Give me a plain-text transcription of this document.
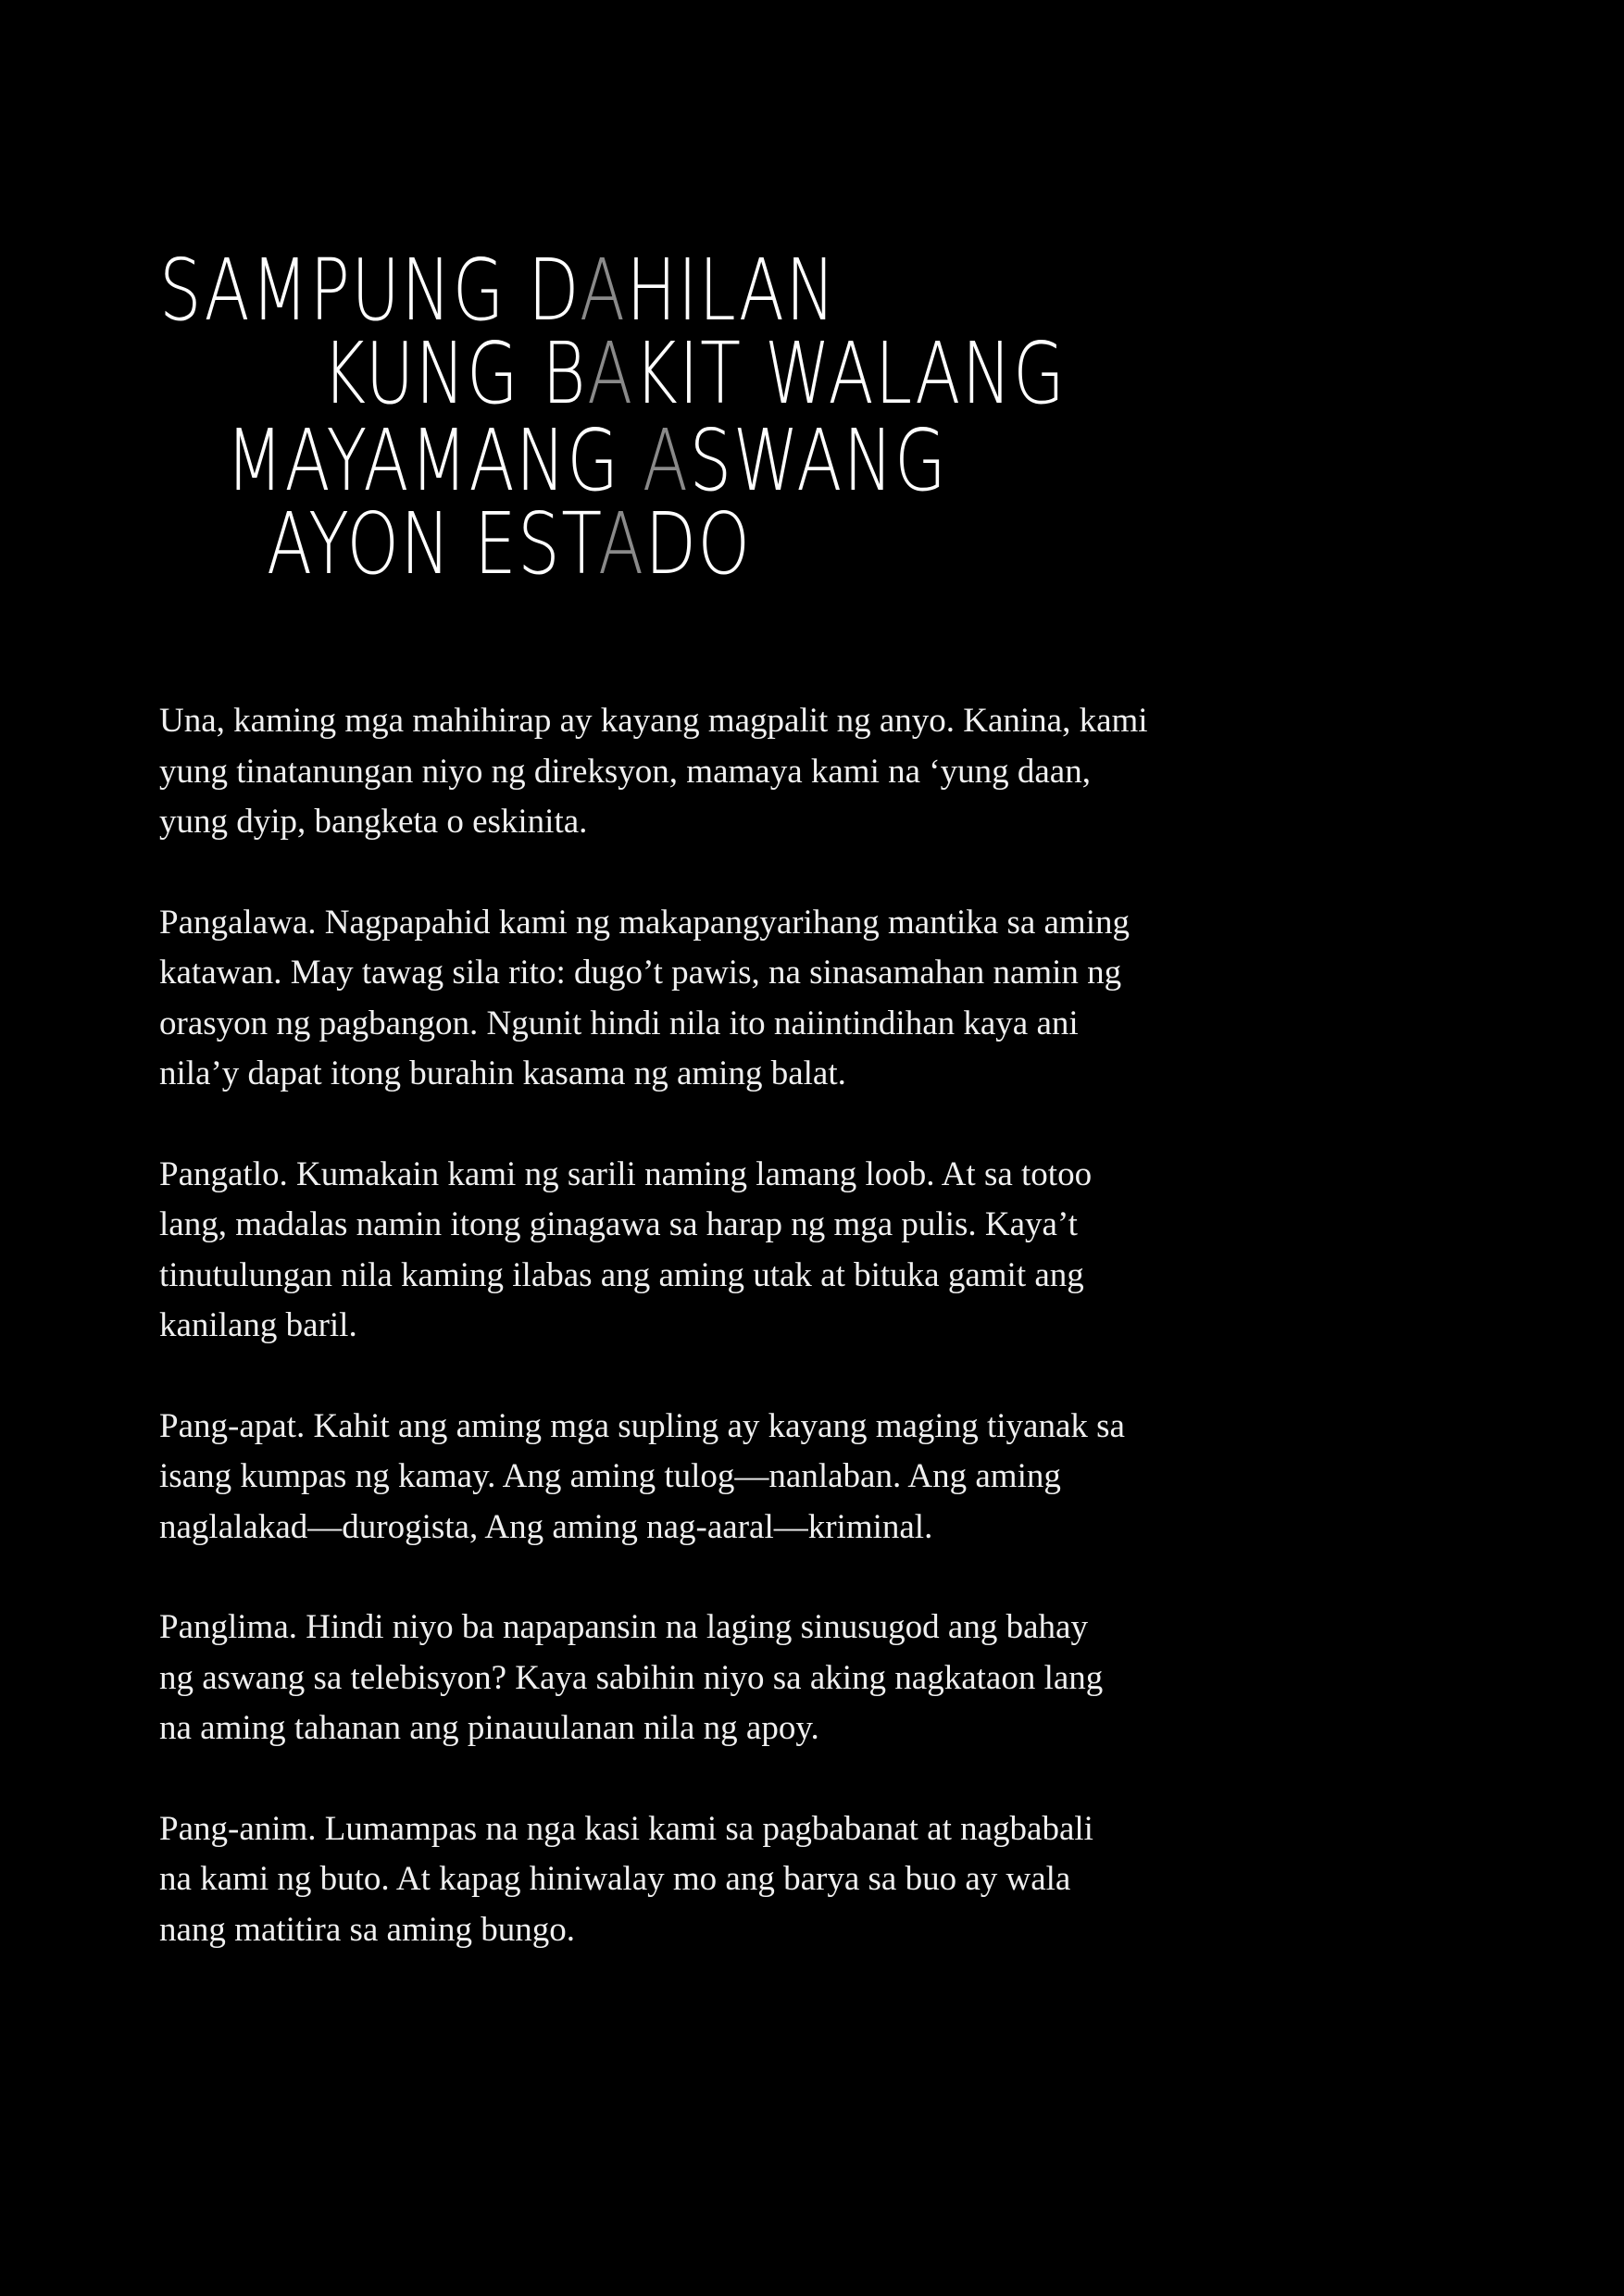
SAMPUNG DAHILAN
KUNG BAKIT WALANG
MAYAMANG ASWANG
AYON ESTADO

Una, kaming mga mahihirap ay kayang magpalit ng anyo. Kanina, kami
yung tinatanungan niyo ng direksyon, mamaya kami na ‘yung daan,
yung dyip, bangketa o eskinita.

Pangalawa. Nagpapahid kami ng makapangyarihang mantika sa aming
katawan. May tawag sila rito: dugo’t pawis, na sinasamahan namin ng
orasyon ng pagbangon. Ngunit hindi nila ito naiintindihan kaya ani
nila’y dapat itong burahin kasama ng aming balat.

Pangatlo. Kumakain kami ng sarili naming lamang loob. At sa totoo
lang, madalas namin itong ginagawa sa harap ng mga pulis. Kaya’t
tinutulungan nila kaming ilabas ang aming utak at bituka gamit ang
kanilang baril.

Pang-apat. Kahit ang aming mga supling ay kayang maging tiyanak sa
isang kumpas ng kamay. Ang aming tulog—nanlaban. Ang aming
naglalakad—durogista, Ang aming nag-aaral—kriminal.

Panglima. Hindi niyo ba napapansin na laging sinusugod ang bahay
ng aswang sa telebisyon? Kaya sabihin niyo sa aking nagkataon lang
na aming tahanan ang pinauulanan nila ng apoy.

Pang-anim. Lumampas na nga kasi kami sa pagbabanat at nagbabali
na kami ng buto. At kapag hiniwalay mo ang barya sa buo ay wala
nang matitira sa aming bungo.
